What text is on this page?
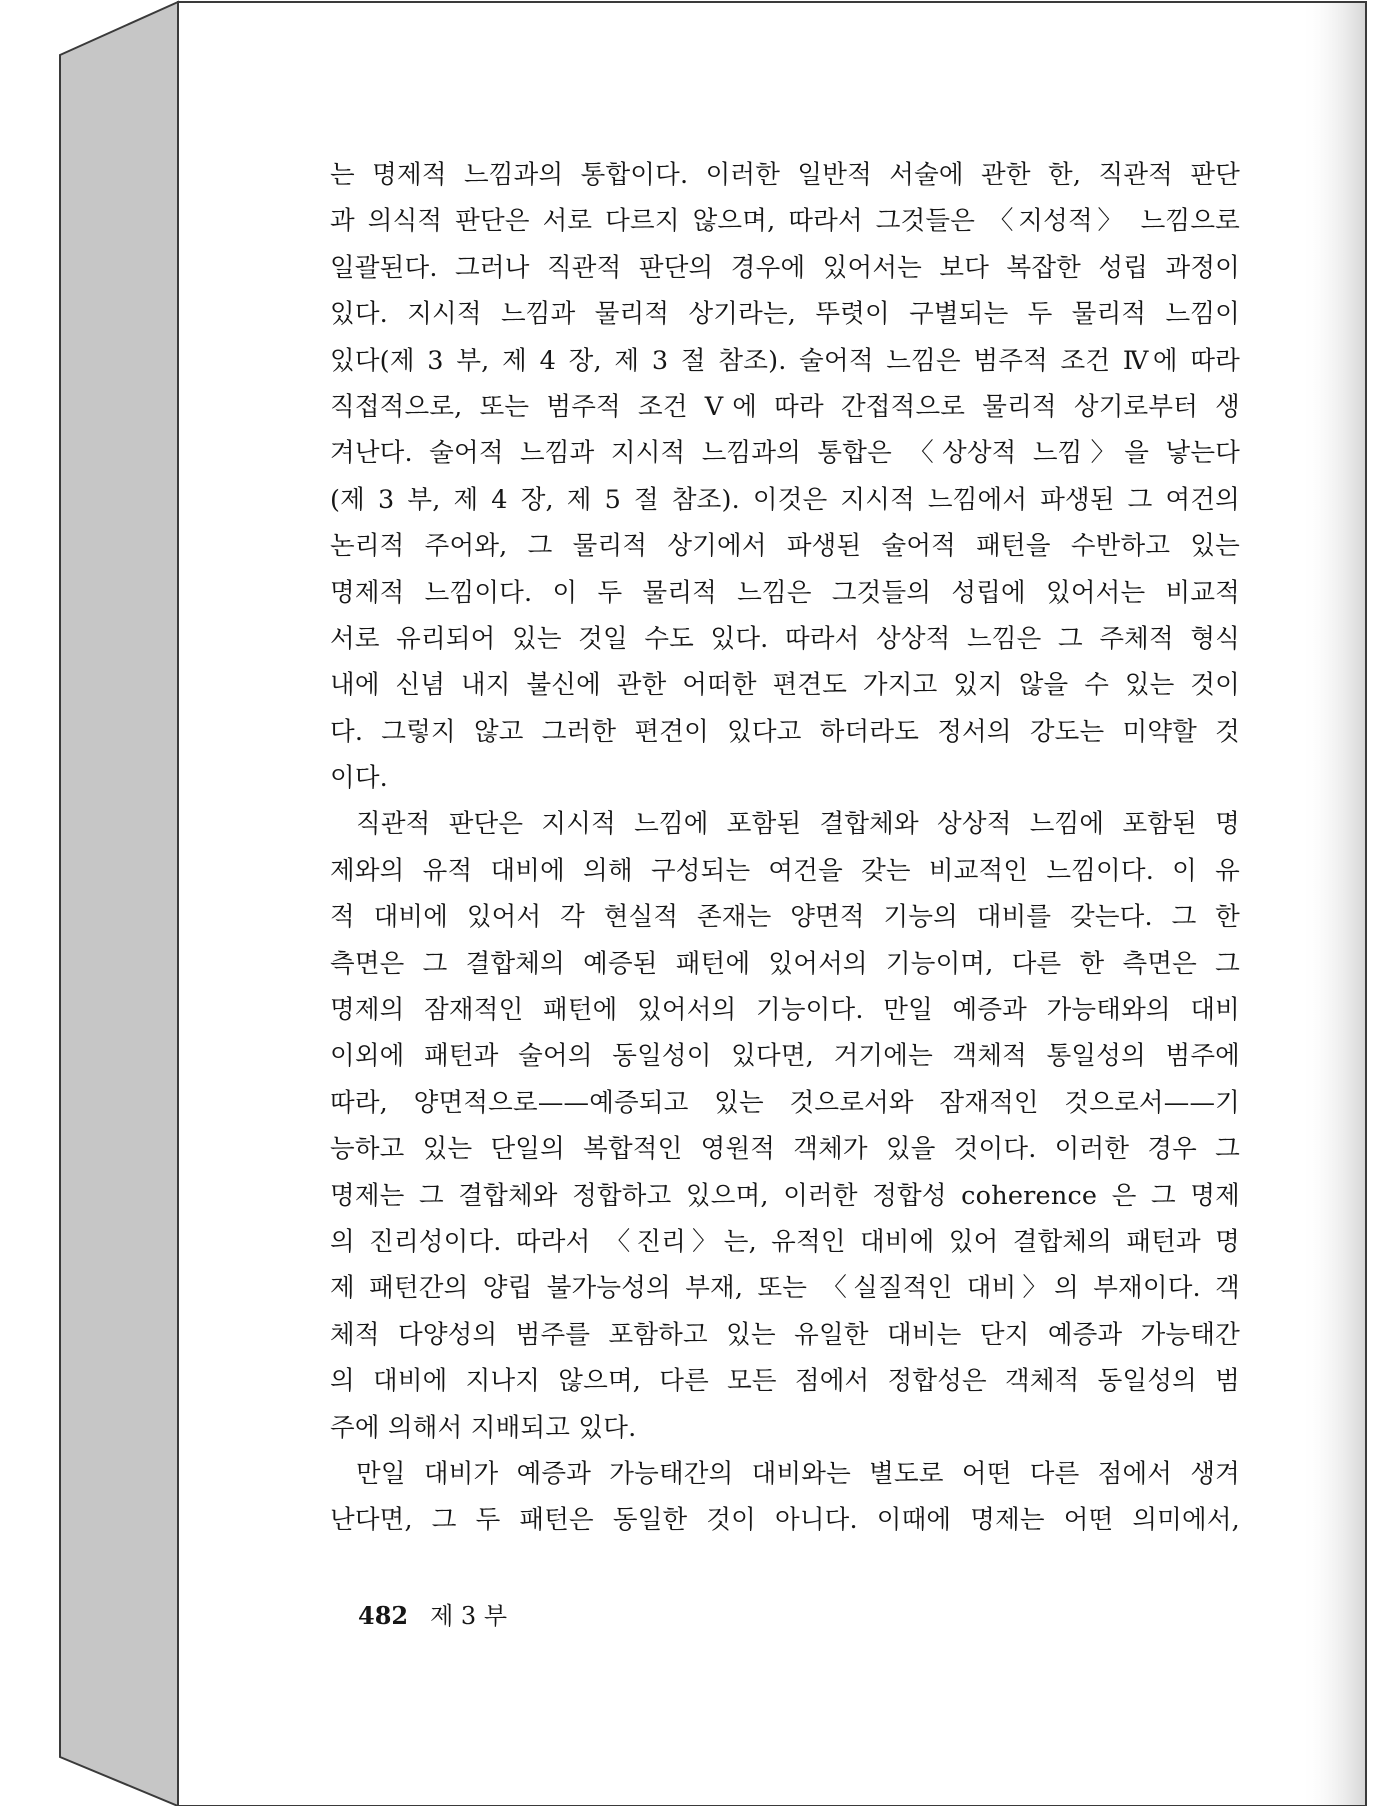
는 명제적 느낌과의 통합이다. 이러한 일반적 서술에 관한 한, 직관적 판단
과 의식적 판단은 서로 다르지 않으며, 따라서 그것들은 〈지성적〉 느낌으로
일괄된다. 그러나 직관적 판단의 경우에 있어서는 보다 복잡한 성립 과정이
있다. 지시적 느낌과 물리적 상기라는, 뚜렷이 구별되는 두 물리적 느낌이
있다(제 3 부, 제 4 장, 제 3 절 참조). 술어적 느낌은 범주적 조건 Ⅳ에 따라
직접적으로, 또는 범주적 조건 Ⅴ에 따라 간접적으로 물리적 상기로부터 생
겨난다. 술어적 느낌과 지시적 느낌과의 통합은 〈상상적 느낌〉을 낳는다
(제 3 부, 제 4 장, 제 5 절 참조). 이것은 지시적 느낌에서 파생된 그 여건의
논리적 주어와, 그 물리적 상기에서 파생된 술어적 패턴을 수반하고 있는
명제적 느낌이다. 이 두 물리적 느낌은 그것들의 성립에 있어서는 비교적
서로 유리되어 있는 것일 수도 있다. 따라서 상상적 느낌은 그 주체적 형식
내에 신념 내지 불신에 관한 어떠한 편견도 가지고 있지 않을 수 있는 것이
다. 그렇지 않고 그러한 편견이 있다고 하더라도 정서의 강도는 미약할 것
이다.
직관적 판단은 지시적 느낌에 포함된 결합체와 상상적 느낌에 포함된 명
제와의 유적 대비에 의해 구성되는 여건을 갖는 비교적인 느낌이다. 이 유
적 대비에 있어서 각 현실적 존재는 양면적 기능의 대비를 갖는다. 그 한
측면은 그 결합체의 예증된 패턴에 있어서의 기능이며, 다른 한 측면은 그
명제의 잠재적인 패턴에 있어서의 기능이다. 만일 예증과 가능태와의 대비
이외에 패턴과 술어의 동일성이 있다면, 거기에는 객체적 통일성의 범주에
따라, 양면적으로——예증되고 있는 것으로서와 잠재적인 것으로서——기
능하고 있는 단일의 복합적인 영원적 객체가 있을 것이다. 이러한 경우 그
명제는 그 결합체와 정합하고 있으며, 이러한 정합성 coherence 은 그 명제
의 진리성이다. 따라서 〈진리〉는, 유적인 대비에 있어 결합체의 패턴과 명
제 패턴간의 양립 불가능성의 부재, 또는 〈실질적인 대비〉의 부재이다. 객
체적 다양성의 범주를 포함하고 있는 유일한 대비는 단지 예증과 가능태간
의 대비에 지나지 않으며, 다른 모든 점에서 정합성은 객체적 동일성의 범
주에 의해서 지배되고 있다.
만일 대비가 예증과 가능태간의 대비와는 별도로 어떤 다른 점에서 생겨
난다면, 그 두 패턴은 동일한 것이 아니다. 이때에 명제는 어떤 의미에서,
482 제 3 부
